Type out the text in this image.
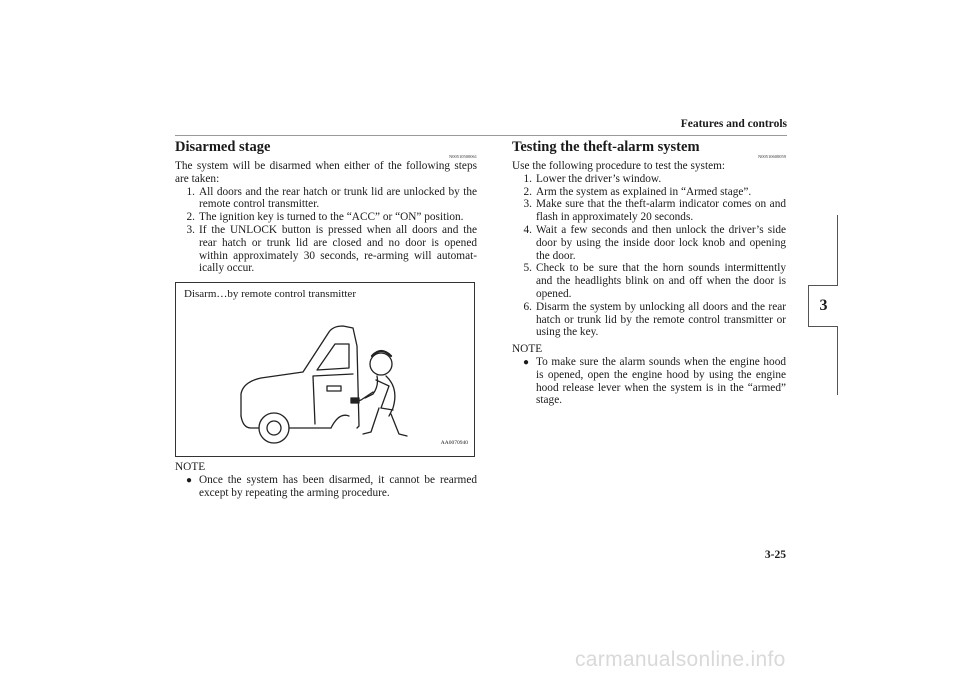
Features and controls
3
Disarmed stage
N00510500061

The system will be disarmed when either of the following steps are taken:

1. All doors and the rear hatch or trunk lid are unlocked by the remote control transmitter.
2. The ignition key is turned to the “ACC” or “ON” position.
3. If the UNLOCK button is pressed when all doors and the rear hatch or trunk lid are closed and no door is opened within approximately 30 seconds, re-arming will automat-ically occur.
Disarm…by remote control transmitter
AA0070940
NOTE
● Once the system has been disarmed, it cannot be rearmed except by repeating the arming procedure.
Testing the theft-alarm system
N00510600059

Use the following procedure to test the system:

1. Lower the driver’s window.
2. Arm the system as explained in “Armed stage”.
3. Make sure that the theft-alarm indicator comes on and flash in approximately 20 seconds.
4. Wait a few seconds and then unlock the driver’s side door by using the inside door lock knob and opening the door.
5. Check to be sure that the horn sounds intermittently and the headlights blink on and off when the door is opened.
6. Disarm the system by unlocking all doors and the rear hatch or trunk lid by the remote control transmitter or using the key.
NOTE
● To make sure the alarm sounds when the engine hood is opened, open the engine hood by using the engine hood release lever when the system is in the “armed” stage.
3-25
carmanualsonline.info
